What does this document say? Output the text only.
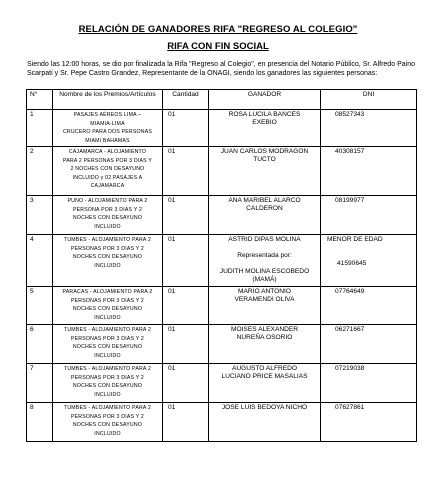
RELACIÓN DE GANADORES RIFA "REGRESO AL COLEGIO"
RIFA CON FIN SOCIAL
Siendo las 12:00 horas, se dio por finalizada la Rifa "Regreso al Colegio", en presencia del Notario Público, Sr. Alfredo Paino Scarpati y Sr. Pepe Castro Grandez, Representante de la ONAGI, siendo los ganadores las siguientes personas:
N°	Nombre de los Premios/Artículos	Cantidad	GANADOR	DNI
1	PASAJES AÉREOS LIMA –
MIAMIA-LIMA
CRUCERO PARA DOS PERSONAS
MIAMI BAHAMAS	01	ROSA LUCILA BANCES
EXEBIO	08527343
2	CAJAMARCA - ALOJAMIENTO
PARA 2 PERSONAS POR 3 DIAS Y
2 NOCHES CON DESAYUNO
INCLUIDO y 02 PASAJES A
CAJAMARCA	01	JUAN CARLOS MODRAGON
TUCTO	40308157
3	PUNO - ALOJAMIENTO PARA 2
PERSONA POR 3 DIAS Y 2
NOCHES CON DESAYUNO
INCLUIDO	01	ANA MARIBEL ALARCO
CALDERON	08199977
4	TUMBES - ALOJAMIENTO PARA 2
PERSONAS POR 3 DIAS Y 2
NOCHES CON DESAYUNO
INCLUIDO	01	ASTRID DIPAS MOLINA
Representada por:
JUDITH MOLINA ESCOBEDO
(MAMÁ)	MENOR DE EDAD
41590645

5	PARACAS - ALOJAMIENTO PARA 2
PERSONAS POR 3 DIAS Y 2
NOCHES CON DESAYUNO
INCLUIDO	01	MARIO ANTONIO
VERAMENDI OLIVA	07764649
6	TUMBES - ALOJAMIENTO PARA 2
PERSONAS POR 3 DIAS Y 2
NOCHES CON DESAYUNO
INCLUIDO	01	MOISES ALEXANDER
NUREÑA OSORIO	06271667
7	TUMBES - ALOJAMIENTO PARA 2
PERSONAS POR 3 DIAS Y 2
NOCHES CON DESAYUNO
INCLUIDO	01	AUGUSTO ALFREDO
LUCIANO PRICE MASALIAS	07219038
8	TUMBES - ALOJAMIENTO PARA 2
PERSONAS POR 3 DIAS Y 2
NOCHES CON DESAYUNO
INCLUIDO	01	JOSE LUIS BEDOYA NICHO	07627861
